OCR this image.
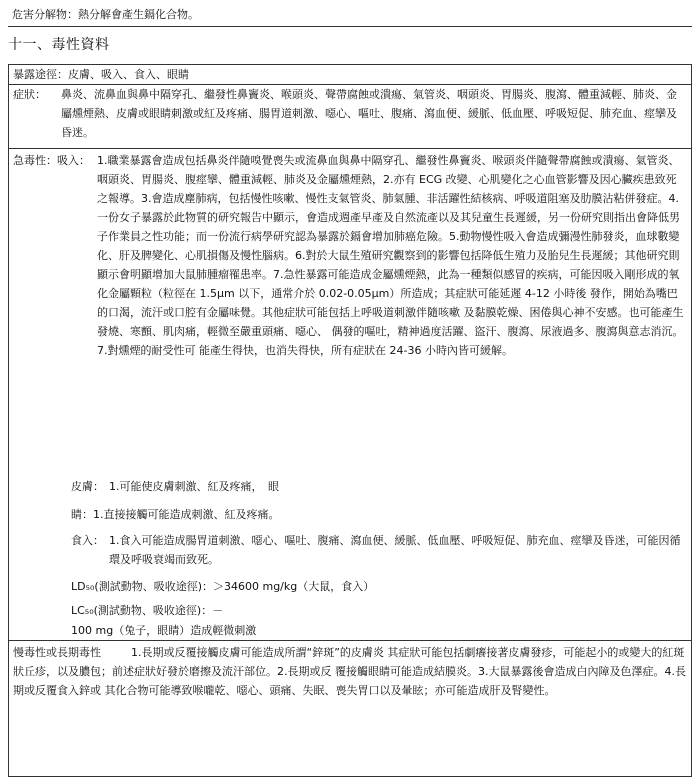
危害分解物：熱分解會產生鎘化合物。
十一、毒性資料
暴露途徑：皮膚、吸入、食入、眼睛
症狀： 鼻炎、流鼻血與鼻中隔穿孔、繼發性鼻竇炎、喉頭炎、聲帶腐蝕或潰瘍、氣管炎、咽頭炎、胃腸炎、腹瀉、體重減輕、肺炎、金屬燻煙熱、皮膚或眼睛刺激或紅及疼痛、腸胃道刺激、噁心、嘔吐、腹痛、瀉血便、緩脈、低血壓、呼吸短促、肺充血、痙攣及昏迷。
急毒性：吸入： 1.職業暴露會造成包括鼻炎伴隨嗅覺喪失或流鼻血與鼻中隔穿孔、繼發性鼻竇炎、喉頭炎伴隨聲帶腐蝕或潰瘍、氣管炎、咽頭炎、胃腸炎、腹痙攣、體重減輕、肺炎及金屬燻煙熱，2.亦有 ECG 改變、心肌變化之心血管影響及因心臟疾患致死之報導。3.會造成塵肺病，包括慢性咳嗽、慢性支氣管炎、肺氣腫、非活躍性結核病、呼吸道阻塞及肋膜沾粘併發症。4.一份女子暴露於此物質的研究報告中顯示，會造成週產早產及自然流產以及其兒童生長遲緩，另一份研究則指出會降低男子作業員之性功能；而一份流行病學研究認為暴露於鎘會增加肺癌危險。5.動物慢性吸入會造成彌漫性肺發炎，血球數變化、肝及脾變化、心肌損傷及慢性腦病。6.對於大鼠生殖研究觀察到的影響包括降低生殖力及胎兒生長遲緩；其他研究則顯示會明顯增加大鼠肺腫瘤罹患率。7.急性暴露可能造成金屬燻煙熱，此為一種類似感冒的疾病，可能因吸入剛形成的氧化金屬顆粒（粒徑在 1.5μm 以下，通常介於 0.02-0.05μm）所造成；其症狀可能延遲 4-12 小時後 發作，開始為嘴巴的口渴，流汗或口腔有金屬味覺。其他症狀可能包括上呼吸道刺激伴隨咳嗽 及黏膜乾燥、困倦與心神不安感。也可能產生發燒、寒顫、肌肉痛，輕微至嚴重頭痛、噁心、 偶發的嘔吐，精神過度活躍、盜汗、腹瀉、尿液過多、腹瀉與意志消沉。7.對燻煙的耐受性可 能產生得快，也消失得快，所有症狀在 24-36 小時內皆可緩解。
皮膚： 1.可能使皮膚刺激、紅及疼痛，　眼
睛： 1.直接接觸可能造成刺激、紅及疼痛。
食入： 1.食入可能造成腸胃道刺激、噁心、嘔吐、腹痛、瀉血便、緩脈、低血壓、呼吸短促、肺充血、痙攣及昏迷，可能因循環及呼吸衰竭而致死。
LD₅₀(測試動物、吸收途徑)：＞34600 mg/kg（大鼠，食入）
LC₅₀(測試動物、吸收途徑)：－
100 mg（兔子，眼睛）造成輕微刺激
慢毒性或長期毒性	1.長期或反覆接觸皮膚可能造成所謂“鋅斑”的皮膚炎 其症狀可能包括劇癢接著皮膚發疹，可能起小的或變大的紅斑狀丘疹，以及膿包；前述症狀好發於磨擦及流汗部位。2.長期或反 覆接觸眼睛可能造成結膜炎。3.大鼠暴露後會造成白內障及色澤症。4.長期或反覆食入鋅或 其化合物可能導致喉嚨乾、噁心、頭痛、失眠、喪失胃口以及暈眩；亦可能造成肝及腎變性。
